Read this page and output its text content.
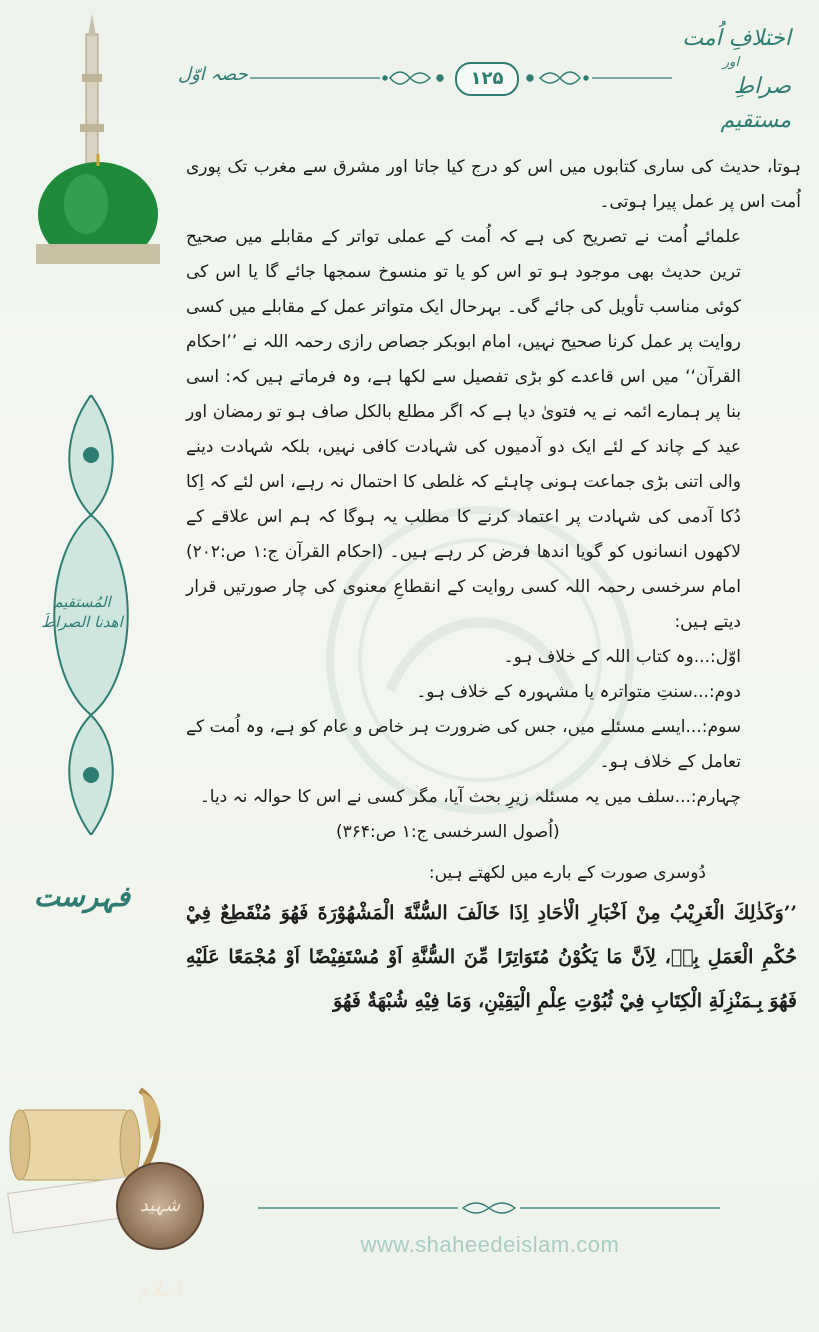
اختلافِ اُمت
اور
صراطِ مستقیم
حصہ اوّل	۱۲۵
المُستقیم
اهدنا الصراطَ
فہرست

ہوتا، حدیث کی ساری کتابوں میں اس کو درج کیا جاتا اور مشرق سے مغرب تک پوری اُمت اس پر عمل پیرا ہوتی۔

علمائے اُمت نے تصریح کی ہے کہ اُمت کے عملی تواتر کے مقابلے میں صحیح ترین حدیث بھی موجود ہو تو اس کو یا تو منسوخ سمجھا جائے گا یا اس کی کوئی مناسب تأویل کی جائے گی۔ بہرحال ایک متواتر عمل کے مقابلے میں کسی روایت پر عمل کرنا صحیح نہیں، امام ابوبکر جصاص رازی رحمہ اللہ نے ’’احکام القرآن‘‘ میں اس قاعدے کو بڑی تفصیل سے لکھا ہے، وہ فرماتے ہیں کہ: اسی بنا پر ہمارے ائمہ نے یہ فتویٰ دیا ہے کہ اگر مطلع بالکل صاف ہو تو رمضان اور عید کے چاند کے لئے ایک دو آدمیوں کی شہادت کافی نہیں، بلکہ شہادت دینے والی اتنی بڑی جماعت ہونی چاہئے کہ غلطی کا احتمال نہ رہے، اس لئے کہ اِکا دُکا آدمی کی شہادت پر اعتماد کرنے کا مطلب یہ ہوگا کہ ہم اس علاقے کے لاکھوں انسانوں کو گویا اندھا فرض کر رہے ہیں۔ (احکام القرآن ج:۱ ص:۲۰۲) امام سرخسی رحمہ اللہ کسی روایت کے انقطاعِ معنوی کی چار صورتیں قرار دیتے ہیں:

اوّل:...وہ کتاب اللہ کے خلاف ہو۔

دوم:...سنتِ متواترہ یا مشہورہ کے خلاف ہو۔

سوم:...ایسے مسئلے میں، جس کی ضرورت ہر خاص و عام کو ہے، وہ اُمت کے تعامل کے خلاف ہو۔

چہارم:...سلف میں یہ مسئلہ زیرِ بحث آیا، مگر کسی نے اس کا حوالہ نہ دیا۔

(اُصول السرخسی ج:۱ ص:۳۶۴)

دُوسری صورت کے بارے میں لکھتے ہیں:

’’وَكَذٰلِكَ الْغَرِيْبُ مِنْ اَخْبَارِ الْاٰحَادِ اِذَا خَالَفَ السُّنَّةَ الْمَشْهُوْرَةَ فَهُوَ مُنْقَطِعٌ فِيْ حُكْمِ الْعَمَلِ بِهٖ، لِاَنَّ مَا يَكُوْنُ مُتَوَاتِرًا مِّنَ السُّنَّةِ اَوْ مُسْتَفِيْضًا اَوْ مُجْمَعًا عَلَيْهِ فَهُوَ بِـمَنْزِلَةِ الْكِتَابِ فِيْ ثُبُوْتِ عِلْمِ الْيَقِيْنِ، وَمَا فِيْهِ شُبْهَةٌ فَهُوَ

www.shaheedeislam.com
شہید اسلام
